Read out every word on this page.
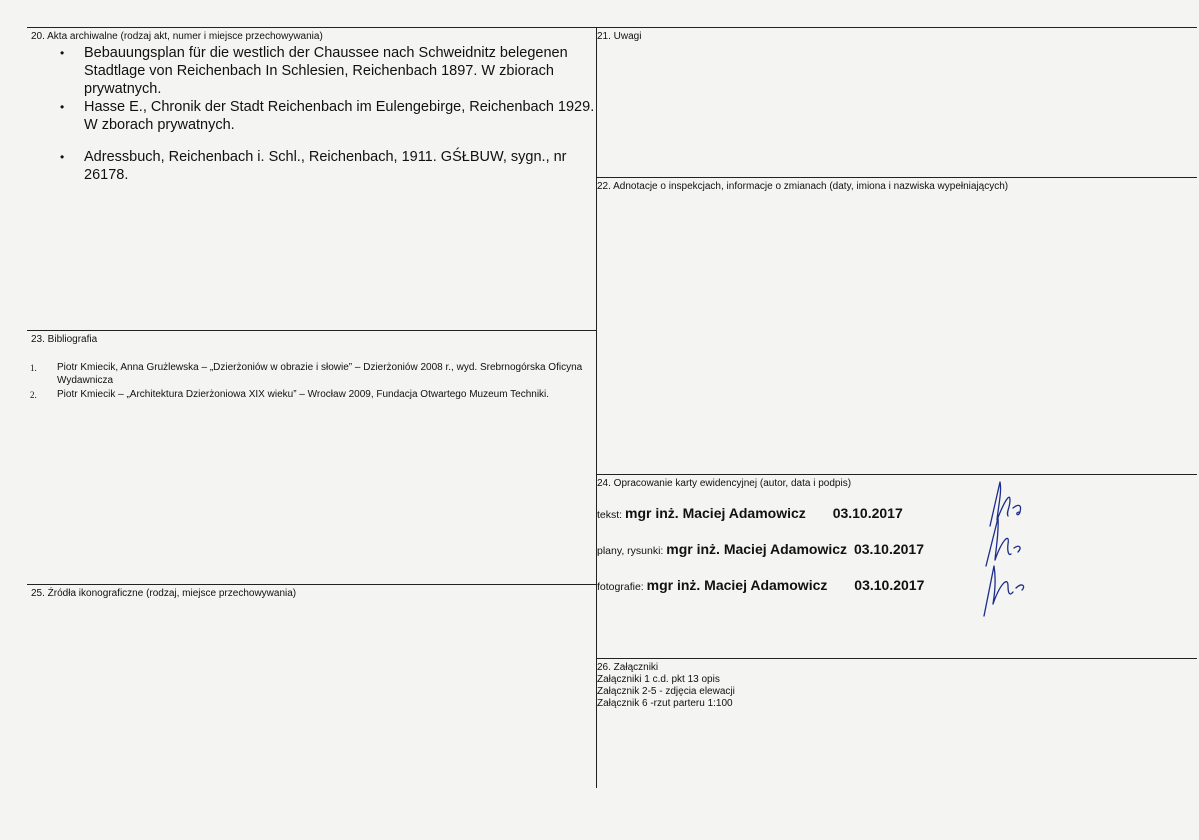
20. Akta archiwalne (rodzaj akt, numer i miejsce przechowywania)
• Bebauungsplan für die westlich der Chaussee nach Schweidnitz belegenen Stadtlage von Reichenbach In Schlesien, Reichenbach 1897. W zbiorach prywatnych.
• Hasse E., Chronik der Stadt Reichenbach im Eulengebirge, Reichenbach 1929. W zborach prywatnych.
• Adressbuch, Reichenbach i. Schl., Reichenbach, 1911. GŚŁBUW, sygn., nr 26178.
21. Uwagi
22. Adnotacje o inspekcjach, informacje o zmianach (daty, imiona i nazwiska wypełniających)
23. Bibliografia
1. Piotr Kmiecik, Anna Grużlewska – „Dzierżoniów w obrazie i słowie” – Dzierżoniów 2008 r., wyd. Srebrnogórska Oficyna Wydawnicza
2. Piotr Kmiecik – „Architektura Dzierżoniowa XIX wieku” – Wrocław 2009, Fundacja Otwartego Muzeum Techniki.
24. Opracowanie karty ewidencyjnej (autor, data i podpis)
tekst: mgr inż. Maciej Adamowicz 03.10.2017
plany, rysunki: mgr inż. Maciej Adamowicz 03.10.2017
fotografie: mgr inż. Maciej Adamowicz 03.10.2017
25. Źródła ikonograficzne (rodzaj, miejsce przechowywania)
26. Załączniki
Załączniki 1 c.d. pkt 13 opis
Załącznik 2-5 - zdjęcia elewacji
Załącznik 6 -rzut parteru 1:100
